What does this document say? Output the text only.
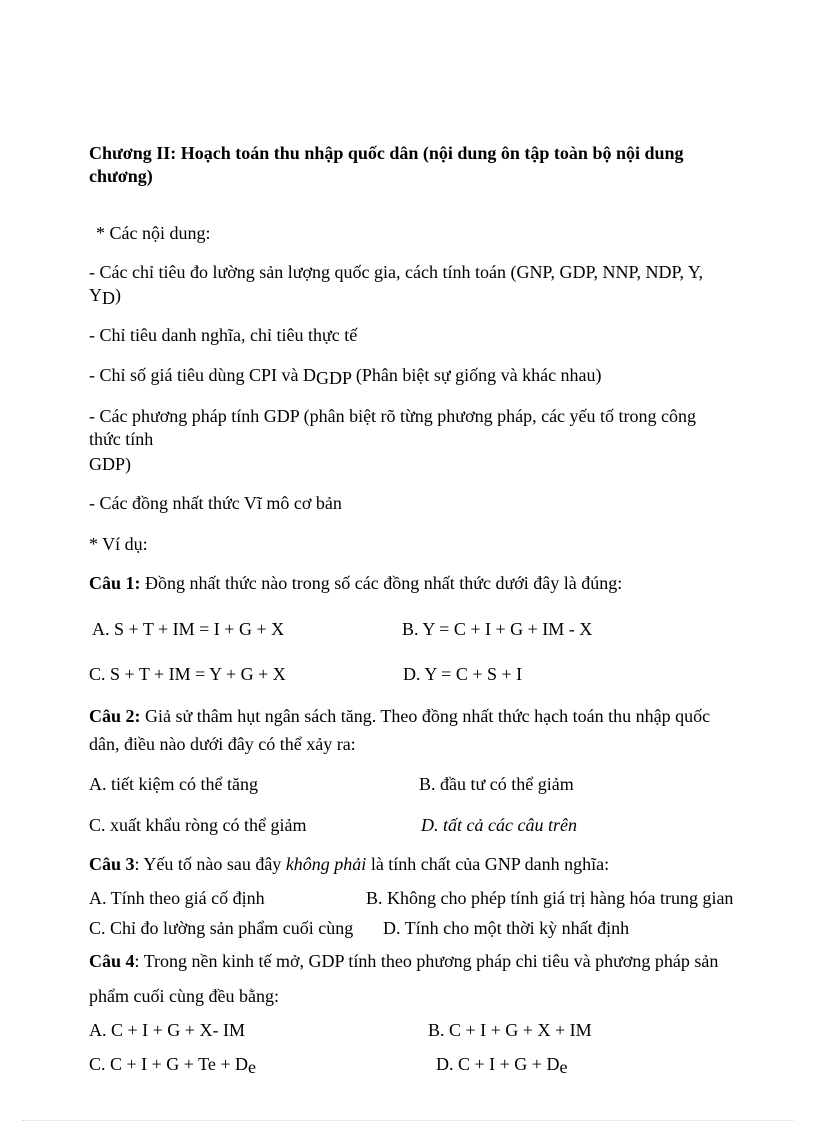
Chương II: Hoạch toán thu nhập quốc dân (nội dung ôn tập toàn bộ nội dung
chương)
* Các nội dung:
- Các chỉ tiêu đo lường sản lượng quốc gia, cách tính toán (GNP, GDP, NNP, NDP, Y,
YD)
- Chỉ tiêu danh nghĩa, chỉ tiêu thực tế
- Chỉ số giá tiêu dùng CPI và DGDP (Phân biệt sự giống và khác nhau)
- Các phương pháp tính GDP (phân biệt rõ từng phương pháp, các yếu tố trong công
thức tính
GDP)
- Các đồng nhất thức Vĩ mô cơ bản
* Ví dụ:
Câu 1: Đồng nhất thức nào trong số các đồng nhất thức dưới đây là đúng:
A. S + T + IM = I + G + X	B. Y = C + I + G + IM - X
C. S + T + IM = Y + G + X	D. Y = C + S + I
Câu 2: Giả sử thâm hụt ngân sách tăng. Theo đồng nhất thức hạch toán thu nhập quốc
dân, điều nào dưới đây có thể xảy ra:
A. tiết kiệm có thể tăng	B. đầu tư có thể giảm
C. xuất khẩu ròng có thể giảm	D. tất cả các câu trên
Câu 3: Yếu tố nào sau đây không phải là tính chất của GNP danh nghĩa:
A. Tính theo giá cố định	B. Không cho phép tính giá trị hàng hóa trung gian
C. Chỉ đo lường sản phẩm cuối cùng D. Tính cho một thời kỳ nhất định
Câu 4: Trong nền kinh tế mở, GDP tính theo phương pháp chi tiêu và phương pháp sản
phẩm cuối cùng đều bằng:
A. C + I + G + X- IM	B. C + I + G + X + IM
C. C + I + G + Te + De	D. C + I + G + De
